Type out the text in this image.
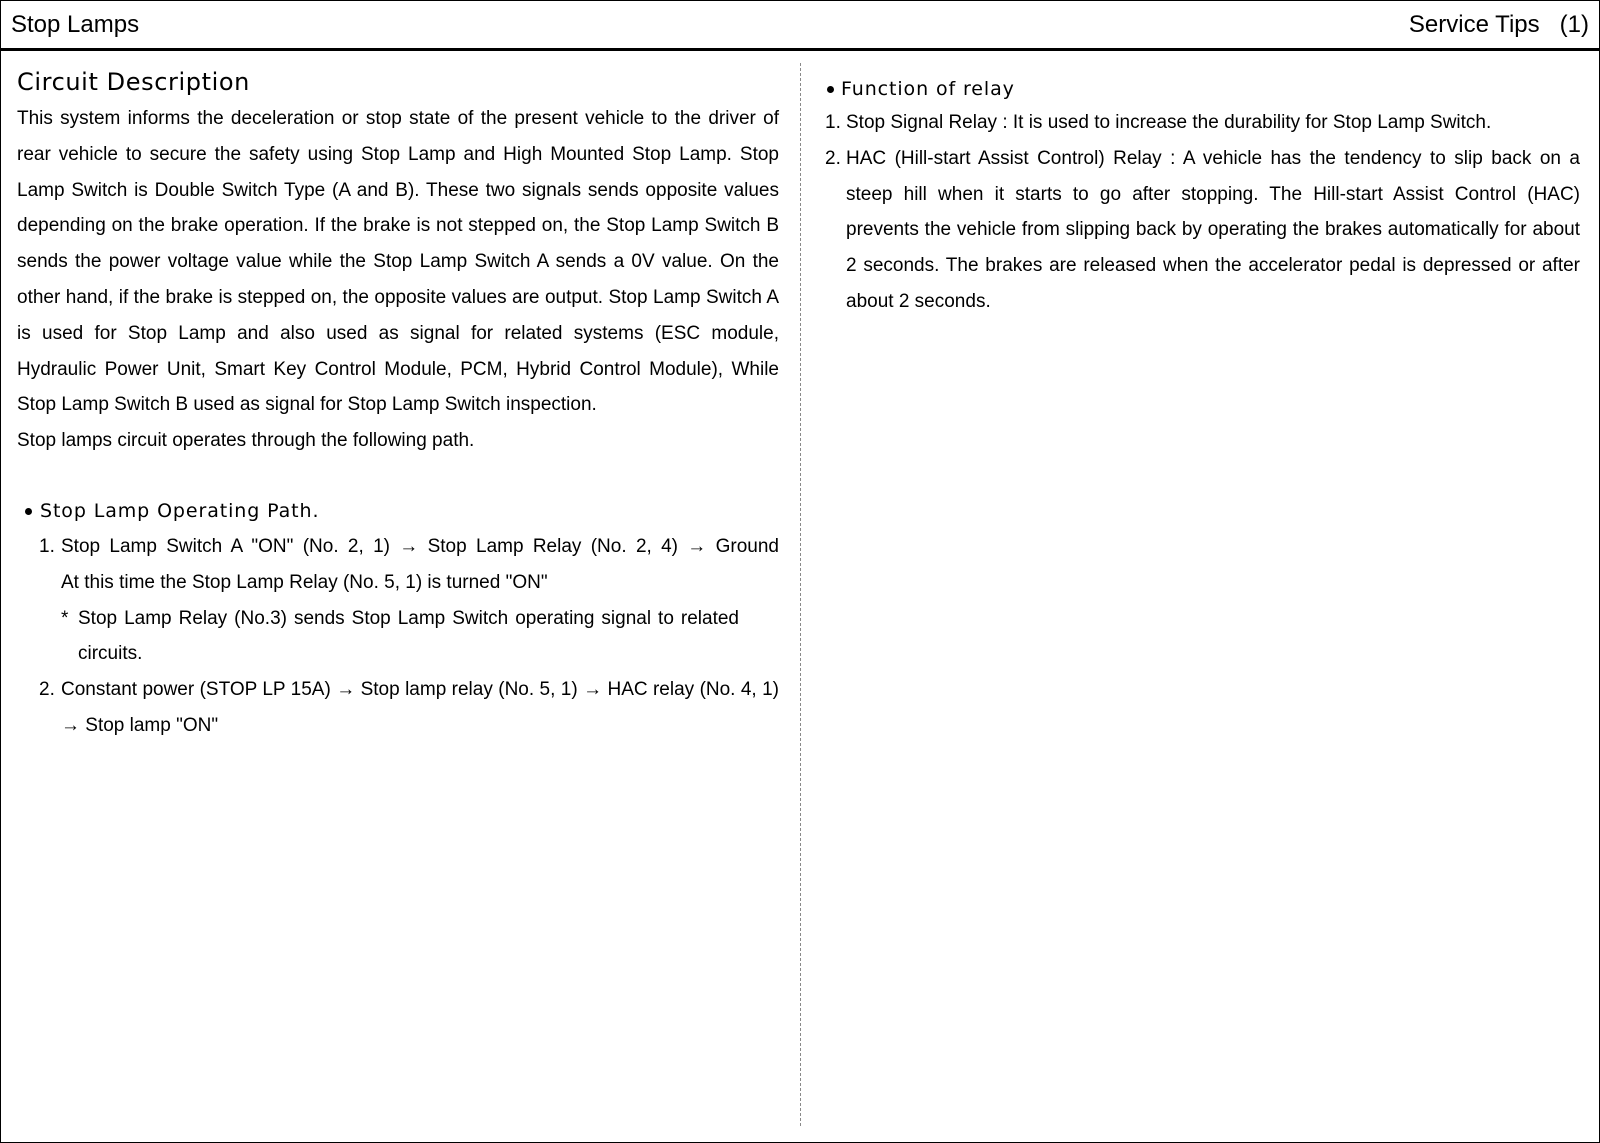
Stop Lamps	Service Tips (1)
Circuit Description
This system informs the deceleration or stop state of the present vehicle to the driver of rear vehicle to secure the safety using Stop Lamp and High Mounted Stop Lamp. Stop Lamp Switch is Double Switch Type (A and B). These two signals sends opposite values depending on the brake operation. If the brake is not stepped on, the Stop Lamp Switch B sends the power voltage value while the Stop Lamp Switch A sends a 0V value. On the other hand, if the brake is stepped on, the opposite values are output. Stop Lamp Switch A is used for Stop Lamp and also used as signal for related systems (ESC module, Hydraulic Power Unit, Smart Key Control Module, PCM, Hybrid Control Module), While Stop Lamp Switch B used as signal for Stop Lamp Switch inspection.
Stop lamps circuit operates through the following path.
Stop Lamp Operating Path.
1. Stop Lamp Switch A "ON" (No. 2, 1) → Stop Lamp Relay (No. 2, 4) → Ground
At this time the Stop Lamp Relay (No. 5, 1) is turned "ON"
* Stop Lamp Relay (No.3) sends Stop Lamp Switch operating signal to related circuits.
2. Constant power (STOP LP 15A) → Stop lamp relay (No. 5, 1) → HAC relay (No. 4, 1) → Stop lamp "ON"
Function of relay
1. Stop Signal Relay : It is used to increase the durability for Stop Lamp Switch.
2. HAC (Hill-start Assist Control) Relay : A vehicle has the tendency to slip back on a steep hill when it starts to go after stopping. The Hill-start Assist Control (HAC) prevents the vehicle from slipping back by operating the brakes automatically for about 2 seconds. The brakes are released when the accelerator pedal is depressed or after about 2 seconds.
